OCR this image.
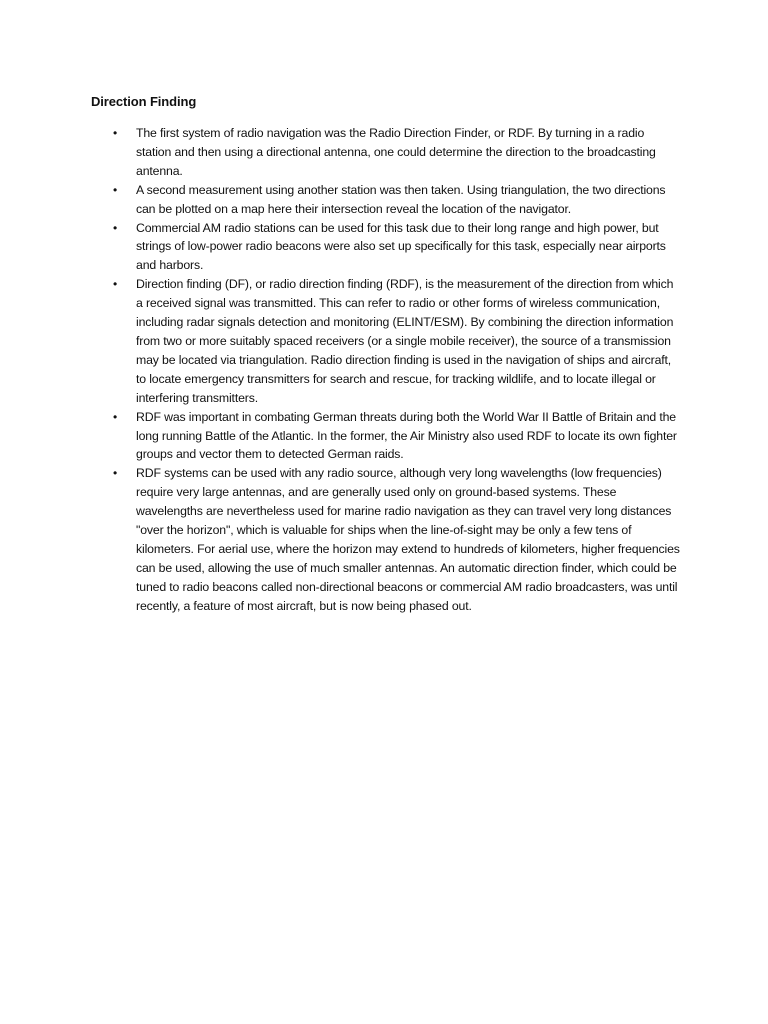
Direction Finding
• The first system of radio navigation was the Radio Direction Finder, or RDF. By turning in a radio station and then using a directional antenna, one could determine the direction to the broadcasting antenna.
• A second measurement using another station was then taken. Using triangulation, the two directions can be plotted on a map here their intersection reveal the location of the navigator.
• Commercial AM radio stations can be used for this task due to their long range and high power, but strings of low-power radio beacons were also set up specifically for this task, especially near airports and harbors.
• Direction finding (DF), or radio direction finding (RDF), is the measurement of the direction from which a received signal was transmitted. This can refer to radio or other forms of wireless communication, including radar signals detection and monitoring (ELINT/ESM). By combining the direction information from two or more suitably spaced receivers (or a single mobile receiver), the source of a transmission may be located via triangulation. Radio direction finding is used in the navigation of ships and aircraft, to locate emergency transmitters for search and rescue, for tracking wildlife, and to locate illegal or interfering transmitters.
• RDF was important in combating German threats during both the World War II Battle of Britain and the long running Battle of the Atlantic. In the former, the Air Ministry also used RDF to locate its own fighter groups and vector them to detected German raids.
• RDF systems can be used with any radio source, although very long wavelengths (low frequencies) require very large antennas, and are generally used only on ground-based systems. These wavelengths are nevertheless used for marine radio navigation as they can travel very long distances "over the horizon", which is valuable for ships when the line-of-sight may be only a few tens of kilometers. For aerial use, where the horizon may extend to hundreds of kilometers, higher frequencies can be used, allowing the use of much smaller antennas. An automatic direction finder, which could be tuned to radio beacons called non-directional beacons or commercial AM radio broadcasters, was until recently, a feature of most aircraft, but is now being phased out.
